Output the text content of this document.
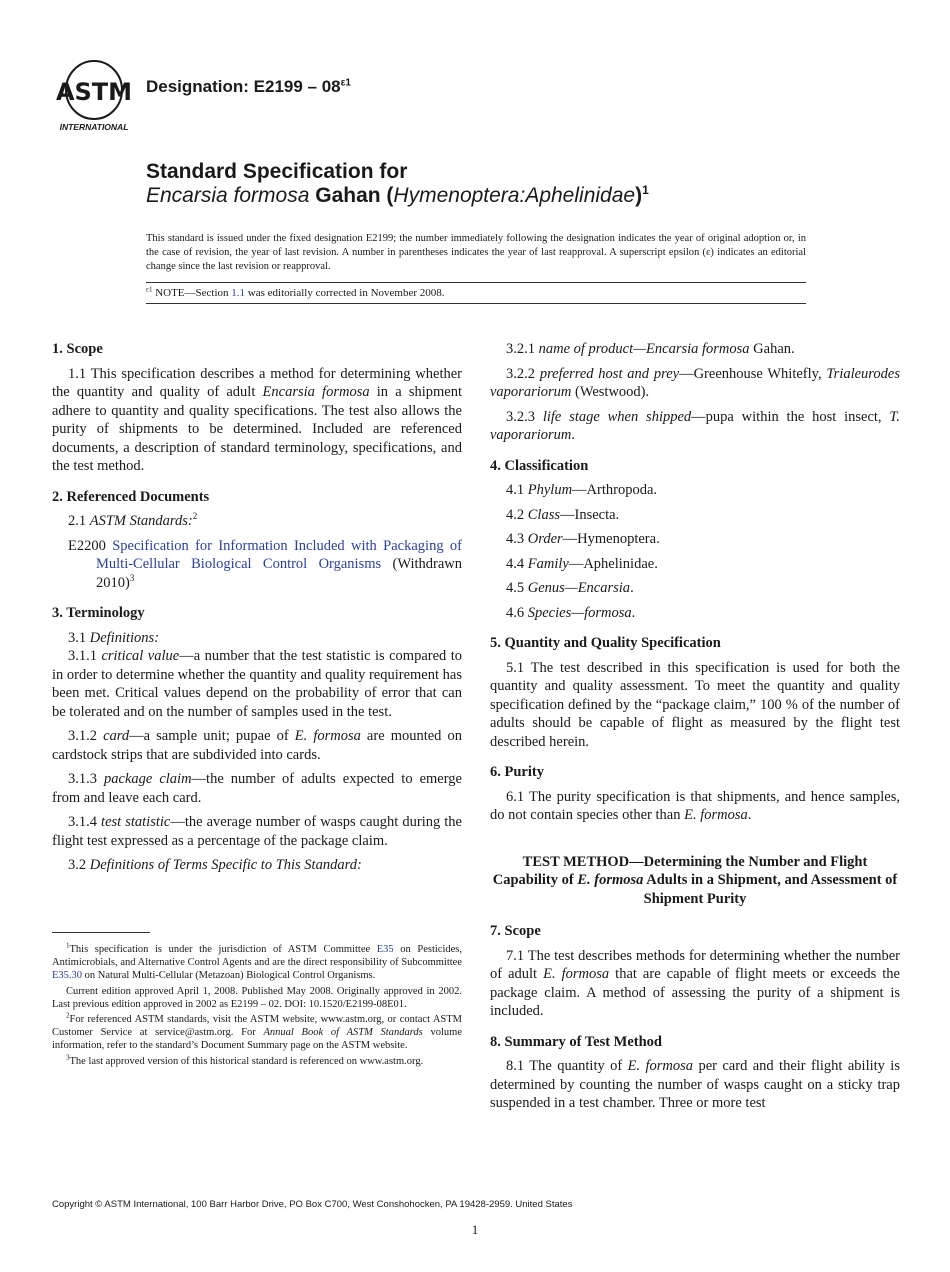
ASTM
INTERNATIONAL
Designation: $E2199 - 08^{\varepsilon 1}$
Standard Specification for
Encarsia formosa Gahan (Hymenoptera:Aphelinidae)$^1$
This standard is issued under the fixed designation E2199; the number immediately following the designation indicates the year of original adoption or, in the case of revision, the year of last revision. A number in parentheses indicates the year of last reapproval. A superscript epsilon (ε) indicates an editorial change since the last revision or reapproval.
$^{\varepsilon 1}$ NOTE—Section 1.1 was editorially corrected in November 2008.
1. Scope
1.1 This specification describes a method for determining whether the quantity and quality of adult Encarsia formosa in a shipment adhere to quantity and quality specifications. The test also allows the purity of shipments to be determined. Included are referenced documents, a description of standard terminology, specifications, and the test method.
2. Referenced Documents
2.1 ASTM Standards:$^2$
E2200 Specification for Information Included with Packaging of Multi-Cellular Biological Control Organisms (Withdrawn 2010)$^3$
3. Terminology
3.1 Definitions:
3.1.1 critical value—a number that the test statistic is compared to in order to determine whether the quantity and quality requirement has been met. Critical values depend on the probability of error that can be tolerated and on the number of samples used in the test.
3.1.2 card—a sample unit; pupae of E. formosa are mounted on cardstock strips that are subdivided into cards.
3.1.3 package claim—the number of adults expected to emerge from and leave each card.
3.1.4 test statistic—the average number of wasps caught during the flight test expressed as a percentage of the package claim.
3.2 Definitions of Terms Specific to This Standard:
3.2.1 name of product—Encarsia formosa Gahan.
3.2.2 preferred host and prey—Greenhouse Whitefly, Trialeurodes vaporariorum (Westwood).
3.2.3 life stage when shipped—pupa within the host insect, T. vaporariorum.
4. Classification
4.1 Phylum—Arthropoda.
4.2 Class—Insecta.
4.3 Order—Hymenoptera.
4.4 Family—Aphelinidae.
4.5 Genus—Encarsia.
4.6 Species—formosa.
5. Quantity and Quality Specification
5.1 The test described in this specification is used for both the quantity and quality assessment. To meet the quantity and quality specification defined by the “package claim,” 100 % of the number of adults should be capable of flight as measured by the flight test described herein.
6. Purity
6.1 The purity specification is that shipments, and hence samples, do not contain species other than E. formosa.
TEST METHOD—Determining the Number and Flight Capability of E. formosa Adults in a Shipment, and Assessment of Shipment Purity
7. Scope
7.1 The test describes methods for determining whether the number of adult E. formosa that are capable of flight meets or exceeds the package claim. A method of assessing the purity of a shipment is included.
8. Summary of Test Method
8.1 The quantity of E. formosa per card and their flight ability is determined by counting the number of wasps caught on a sticky trap suspended in a test chamber. Three or more test
$^1$This specification is under the jurisdiction of ASTM Committee E35 on Pesticides, Antimicrobials, and Alternative Control Agents and are the direct responsibility of Subcommittee E35.30 on Natural Multi-Cellular (Metazoan) Biological Control Organisms.
Current edition approved April 1, 2008. Published May 2008. Originally approved in 2002. Last previous edition approved in 2002 as E2199 – 02. DOI: 10.1520/E2199-08E01.
$^2$For referenced ASTM standards, visit the ASTM website, www.astm.org, or contact ASTM Customer Service at service@astm.org. For Annual Book of ASTM Standards volume information, refer to the standard’s Document Summary page on the ASTM website.
$^3$The last approved version of this historical standard is referenced on www.astm.org.
Copyright © ASTM International, 100 Barr Harbor Drive, PO Box C700, West Conshohocken, PA 19428-2959. United States
1
